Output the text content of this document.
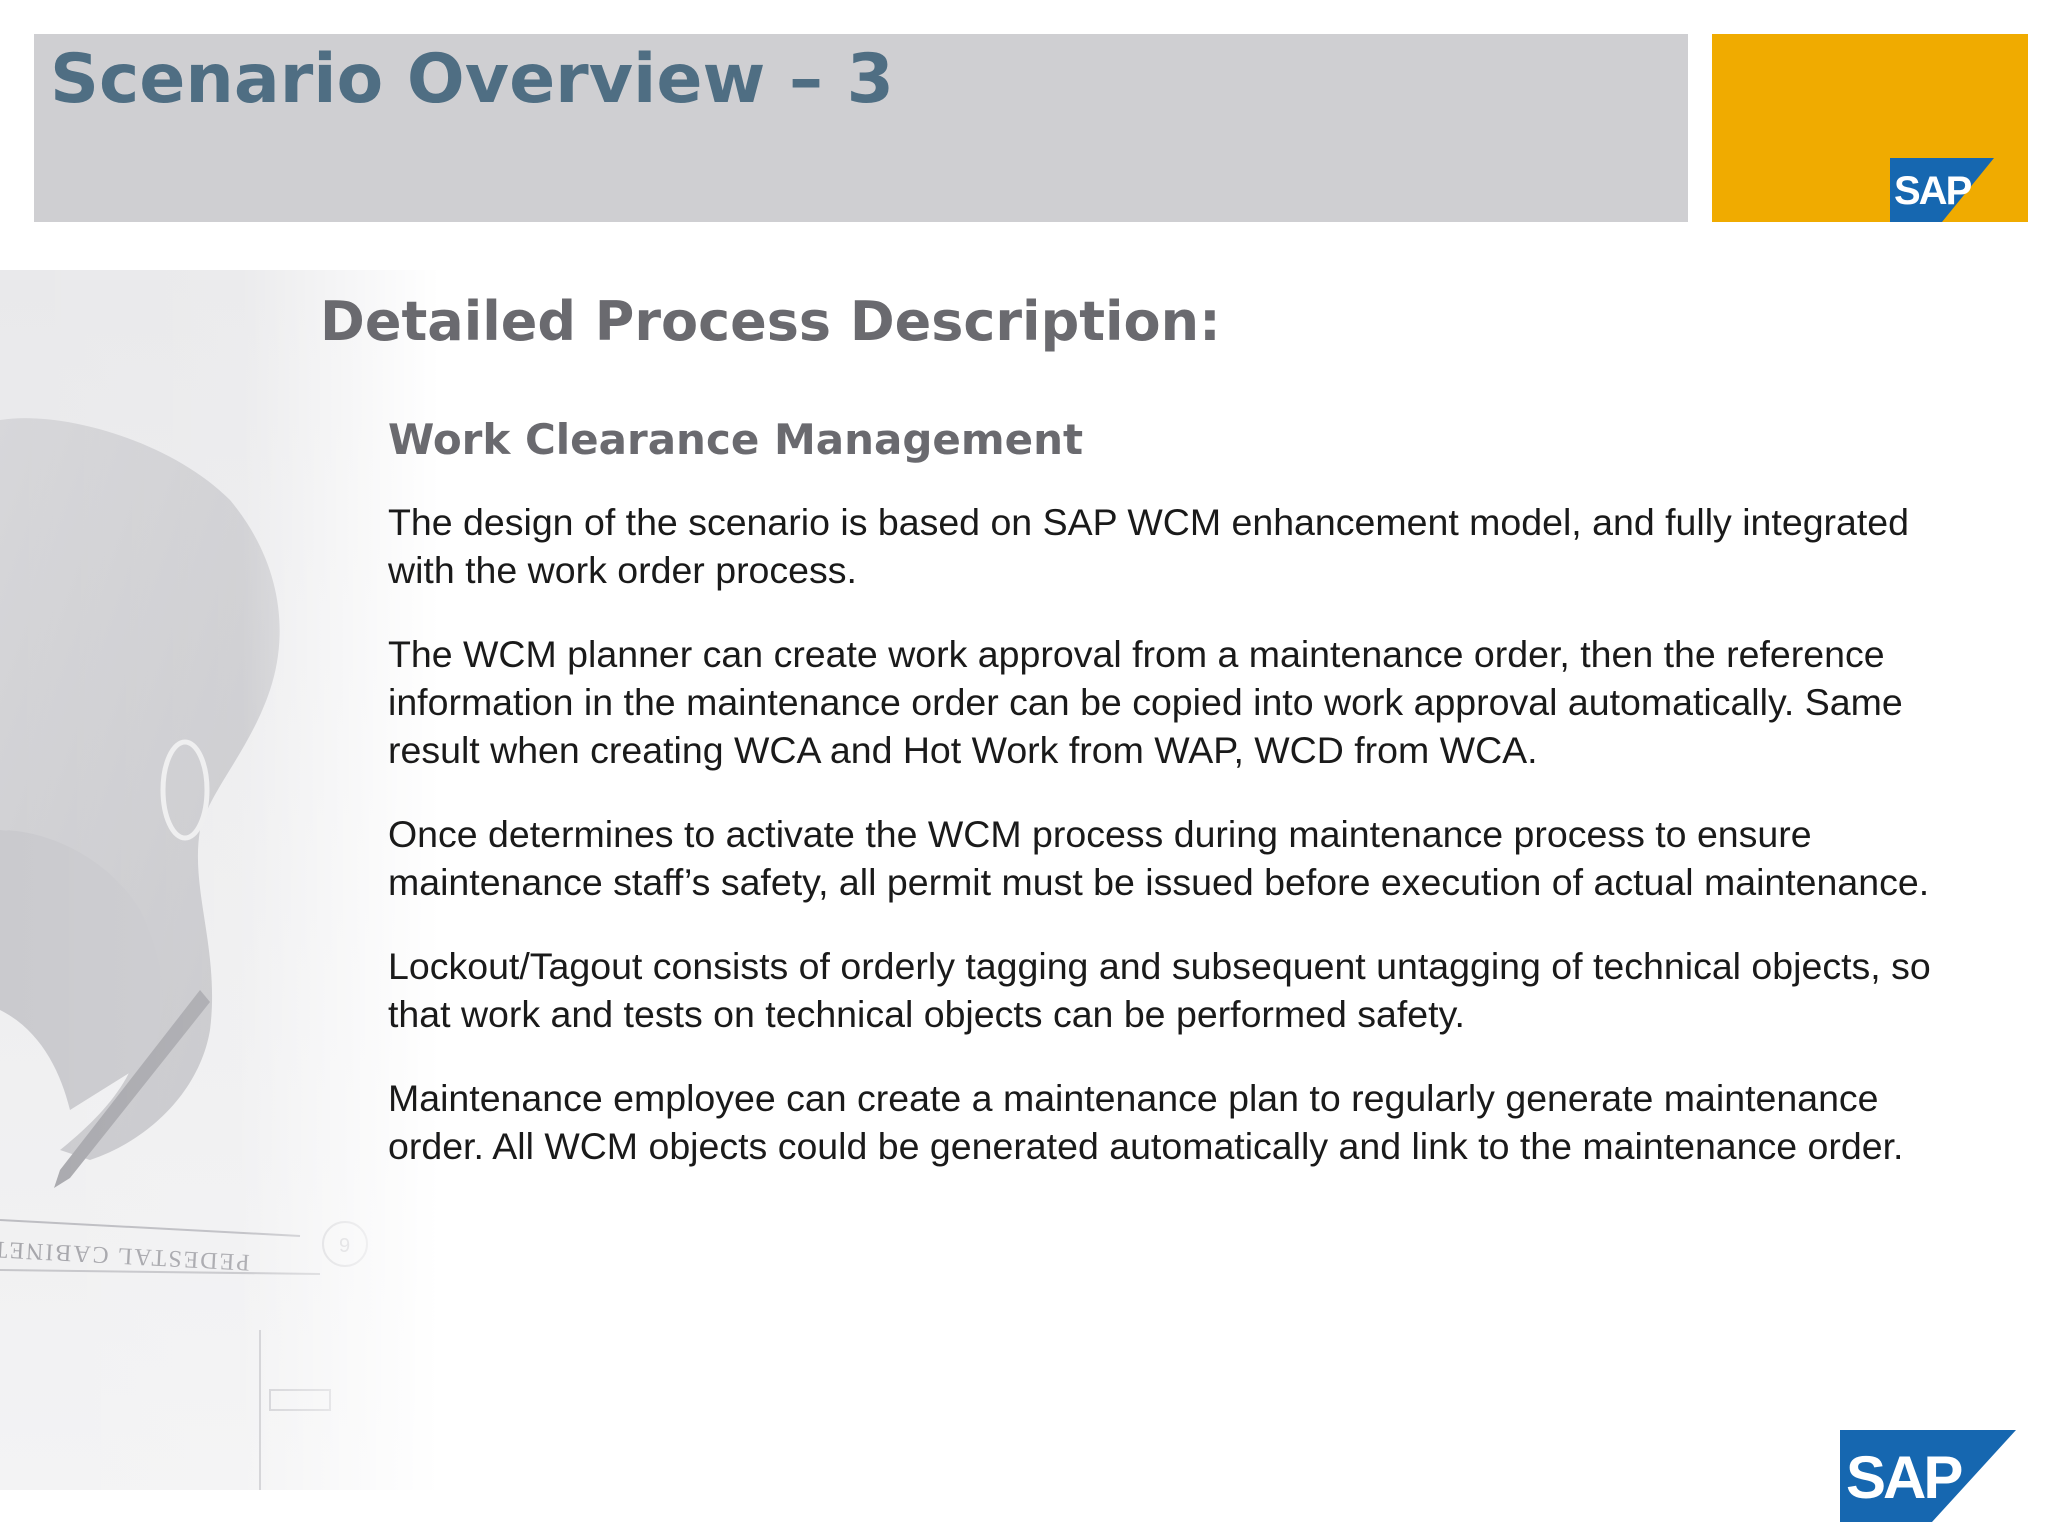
Scenario Overview – 3
SAP
Detailed Process Description:
Work Clearance Management

The design of the scenario is based on SAP WCM enhancement model, and fully integrated with the work order process.

The WCM planner can create work approval from a maintenance order, then the reference information in the maintenance order can be copied into work approval automatically. Same result when creating WCA and Hot Work from WAP, WCD from WCA.

Once determines to activate the WCM process during maintenance process to ensure maintenance staff’s safety, all permit must be issued before execution of actual maintenance.

Lockout/Tagout consists of orderly tagging and subsequent untagging of technical objects, so that work and tests on technical objects can be performed safety.

Maintenance employee can create a maintenance plan to regularly generate maintenance order. All WCM objects could be generated automatically and link to the maintenance order.

SAP
